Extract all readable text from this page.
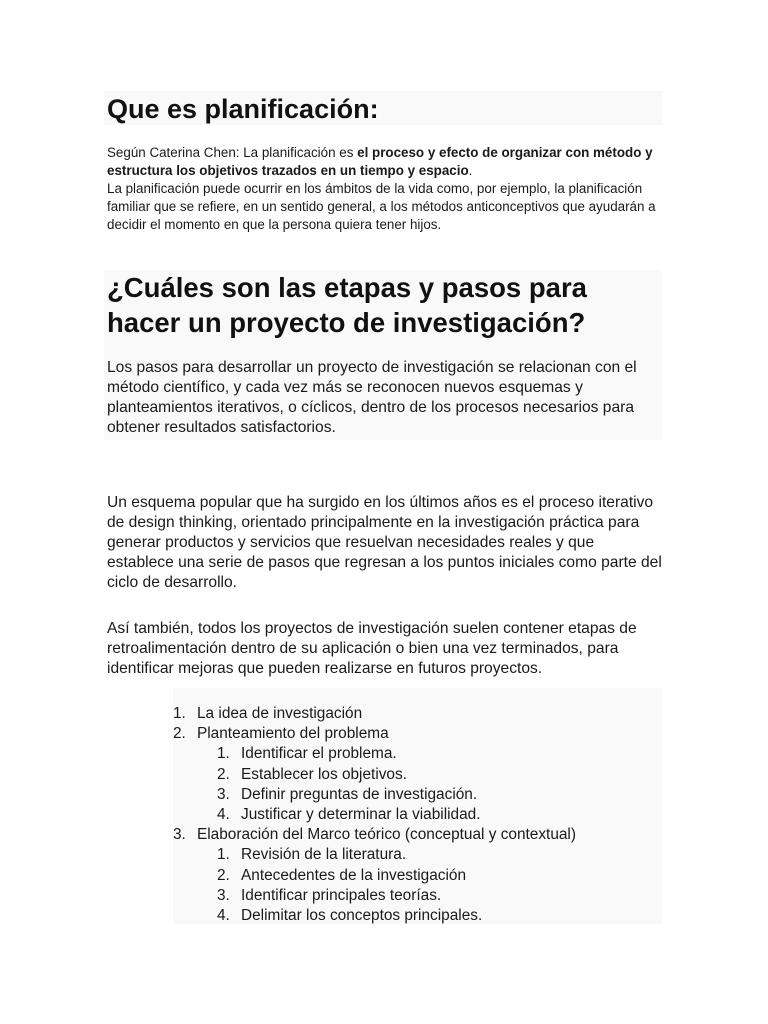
Que es planificación:

Según Caterina Chen: La planificación es el proceso y efecto de organizar con método y estructura los objetivos trazados en un tiempo y espacio.

La planificación puede ocurrir en los ámbitos de la vida como, por ejemplo, la planificación familiar que se refiere, en un sentido general, a los métodos anticonceptivos que ayudarán a decidir el momento en que la persona quiera tener hijos.

¿Cuáles son las etapas y pasos para hacer un proyecto de investigación?

Los pasos para desarrollar un proyecto de investigación se relacionan con el método científico, y cada vez más se reconocen nuevos esquemas y planteamientos iterativos, o cíclicos, dentro de los procesos necesarios para obtener resultados satisfactorios.

Un esquema popular que ha surgido en los últimos años es el proceso iterativo de design thinking, orientado principalmente en la investigación práctica para generar productos y servicios que resuelvan necesidades reales y que establece una serie de pasos que regresan a los puntos iniciales como parte del ciclo de desarrollo.

Así también, todos los proyectos de investigación suelen contener etapas de retroalimentación dentro de su aplicación o bien una vez terminados, para identificar mejoras que pueden realizarse en futuros proyectos.

1. La idea de investigación
2. Planteamiento del problema
1. Identificar el problema.
2. Establecer los objetivos.
3. Definir preguntas de investigación.
4. Justificar y determinar la viabilidad.
3. Elaboración del Marco teórico (conceptual y contextual)
1. Revisión de la literatura.
2. Antecedentes de la investigación
3. Identificar principales teorías.
4. Delimitar los conceptos principales.
